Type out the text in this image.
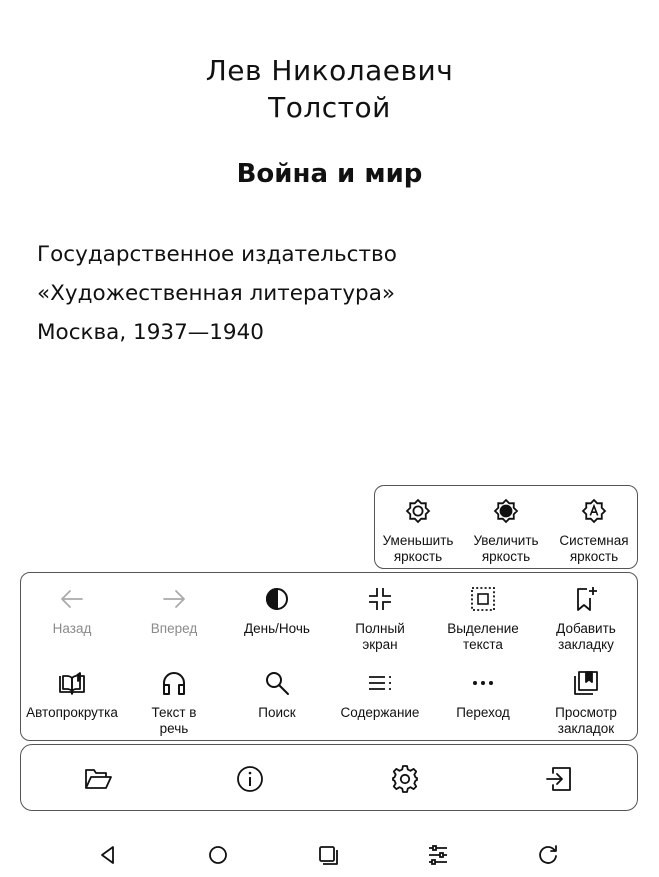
Лев Николаевич
Толстой
Война и мир
Государственное издательство
«Художественная литература»
Москва, 1937—1940
Уменьшить
яркость
Увеличить
яркость
Системная
яркость
Назад	Вперед	День/Ночь	Полный
экран
Выделение
текста
Добавить
закладку
Автопрокрутка Текст в
речь
Поиск	Содержание	Переход	Просмотр
закладок
